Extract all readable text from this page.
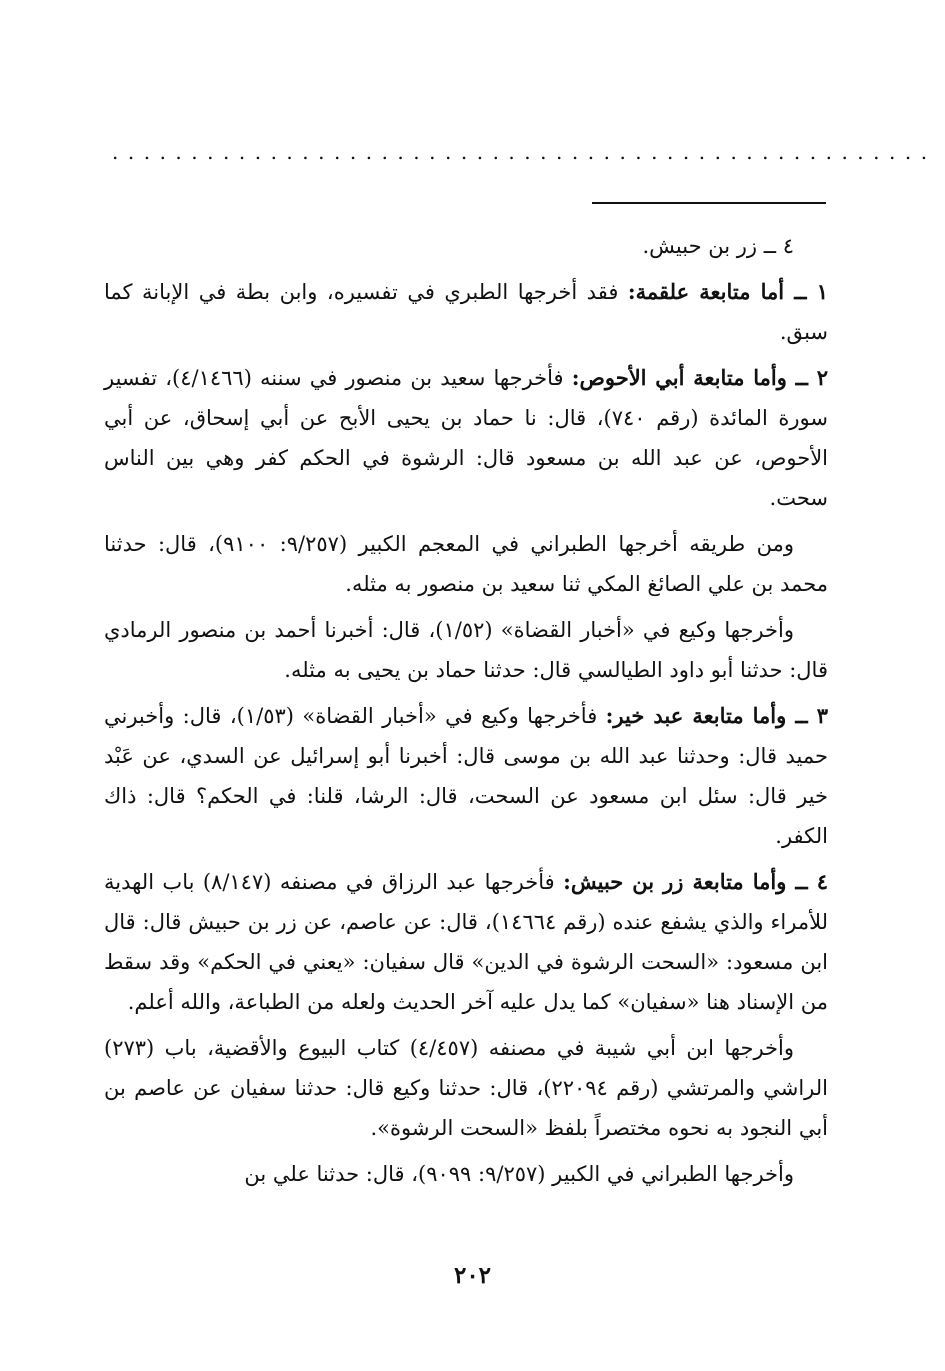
....................................................

٤ ــ زر بن حبيش.

١ ــ أما متابعة علقمة: فقد أخرجها الطبري في تفسيره، وابن بطة في الإبانة كما سبق.

٢ ــ وأما متابعة أبي الأحوص: فأخرجها سعيد بن منصور في سننه (٤/١٤٦٦)، تفسير سورة المائدة (رقم ٧٤٠)، قال: نا حماد بن يحيى الأبح عن أبي إسحاق، عن أبي الأحوص، عن عبد الله بن مسعود قال: الرشوة في الحكم كفر وهي بين الناس سحت.

ومن طريقه أخرجها الطبراني في المعجم الكبير (٩/٢٥٧: ٩١٠٠)، قال: حدثنا محمد بن علي الصائغ المكي ثنا سعيد بن منصور به مثله.

وأخرجها وكيع في «أخبار القضاة» (١/٥٢)، قال: أخبرنا أحمد بن منصور الرمادي قال: حدثنا أبو داود الطيالسي قال: حدثنا حماد بن يحيى به مثله.

٣ ــ وأما متابعة عبد خير: فأخرجها وكيع في «أخبار القضاة» (١/٥٣)، قال: وأخبرني حميد قال: وحدثنا عبد الله بن موسى قال: أخبرنا أبو إسرائيل عن السدي، عن عَبْد خير قال: سئل ابن مسعود عن السحت، قال: الرشا، قلنا: في الحكم؟ قال: ذاك الكفر.

٤ ــ وأما متابعة زر بن حبيش: فأخرجها عبد الرزاق في مصنفه (٨/١٤٧) باب الهدية للأمراء والذي يشفع عنده (رقم ١٤٦٦٤)، قال: عن عاصم، عن زر بن حبيش قال: قال ابن مسعود: «السحت الرشوة في الدين» قال سفيان: «يعني في الحكم» وقد سقط من الإسناد هنا «سفيان» كما يدل عليه آخر الحديث ولعله من الطباعة، والله أعلم.

وأخرجها ابن أبي شيبة في مصنفه (٤/٤٥٧) كتاب البيوع والأقضية، باب (٢٧٣) الراشي والمرتشي (رقم ٢٢٠٩٤)، قال: حدثنا وكيع قال: حدثنا سفيان عن عاصم بن أبي النجود به نحوه مختصراً بلفظ «السحت الرشوة».

وأخرجها الطبراني في الكبير (٩/٢٥٧: ٩٠٩٩)، قال: حدثنا علي بن

٢٠٢
